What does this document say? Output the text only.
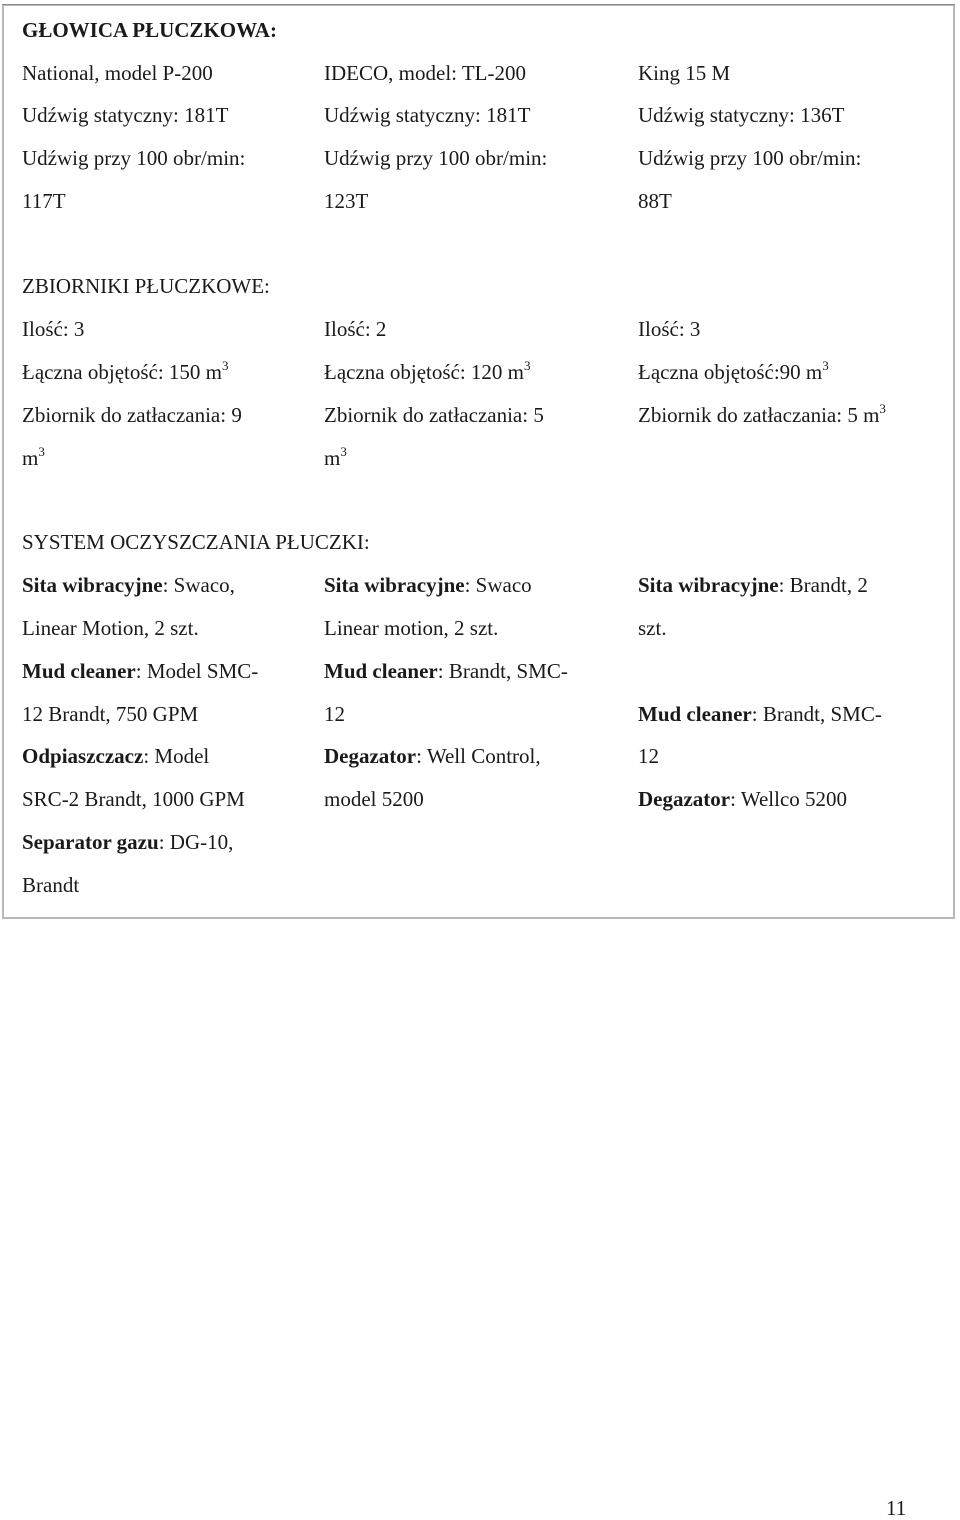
GŁOWICA PŁUCZKOWA:
National, model P-200
Udźwig statyczny: 181T
Udźwig przy 100 obr/min:
117T
IDECO, model: TL-200
Udźwig statyczny: 181T
Udźwig przy 100 obr/min:
123T
King 15 M
Udźwig statyczny: 136T
Udźwig przy 100 obr/min:
88T
ZBIORNIKI PŁUCZKOWE:
Ilość: 3
Łączna objętość: 150 $m^3$
Zbiornik do zatłaczania: 9
$m^3$
Ilość: 2
Łączna objętość: 120 $m^3$
Zbiornik do zatłaczania: 5
$m^3$
Ilość: 3
Łączna objętość:90 $m^3$
Zbiornik do zatłaczania: 5 $m^3$
SYSTEM OCZYSZCZANIA PŁUCZKI:
Sita wibracyjne: Swaco,
Linear Motion, 2 szt.
Mud cleaner: Model SMC-
12 Brandt, 750 GPM
Odpiaszczacz: Model
SRC-2 Brandt, 1000 GPM
Separator gazu: DG-10,
Brandt
Sita wibracyjne: Swaco
Linear motion, 2 szt.
Mud cleaner: Brandt, SMC-
12
Degazator: Well Control,
model 5200
Sita wibracyjne: Brandt, 2
szt.
Mud cleaner: Brandt, SMC-
12
Degazator: Wellco 5200
11
